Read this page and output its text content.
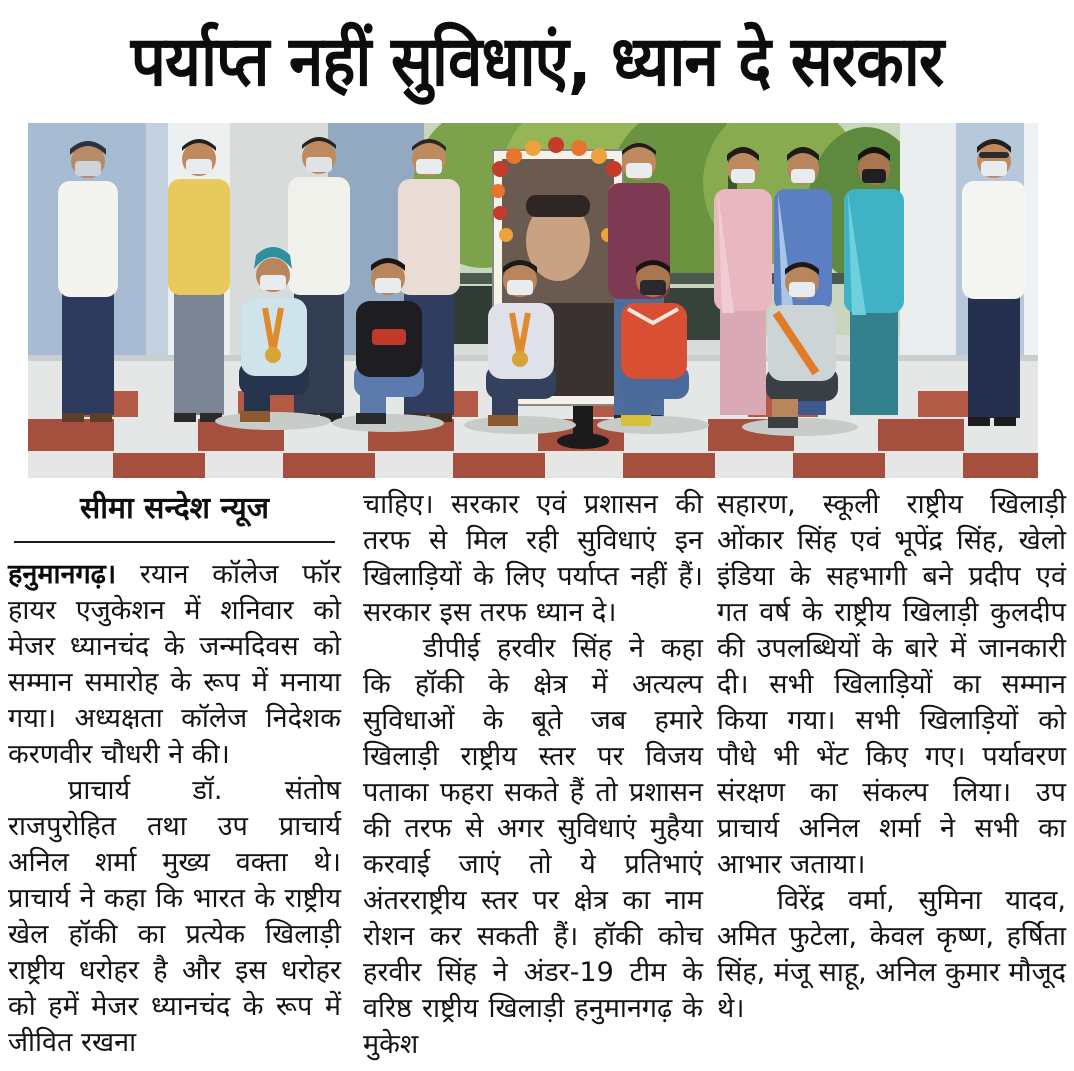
पर्याप्त नहीं सुविधाएं, ध्यान दे सरकार
सीमा सन्देश न्यूज

हनुमानगढ़। रयान कॉलेज फॉर हायर एजुकेशन में शनिवार को मेजर ध्यानचंद के जन्मदिवस को सम्मान समारोह के रूप में मनाया गया। अध्यक्षता कॉलेज निदेशक करणवीर चौधरी ने की।

प्राचार्य डॉ. संतोष राजपुरोहित तथा उप प्राचार्य अनिल शर्मा मुख्य वक्ता थे। प्राचार्य ने कहा कि भारत के राष्ट्रीय खेल हॉकी का प्रत्येक खिलाड़ी राष्ट्रीय धरोहर है और इस धरोहर को हमें मेजर ध्यानचंद के रूप में जीवित रखना

चाहिए। सरकार एवं प्रशासन की तरफ से मिल रही सुविधाएं इन खिलाड़ियों के लिए पर्याप्त नहीं हैं। सरकार इस तरफ ध्यान दे।

डीपीई हरवीर सिंह ने कहा कि हॉकी के क्षेत्र में अत्यल्प सुविधाओं के बूते जब हमारे खिलाड़ी राष्ट्रीय स्तर पर विजय पताका फहरा सकते हैं तो प्रशासन की तरफ से अगर सुविधाएं मुहैया करवाई जाएं तो ये प्रतिभाएं अंतरराष्ट्रीय स्तर पर क्षेत्र का नाम रोशन कर सकती हैं। हॉकी कोच हरवीर सिंह ने अंडर-19 टीम के वरिष्ठ राष्ट्रीय खिलाड़ी हनुमानगढ़ के मुकेश

सहारण, स्कूली राष्ट्रीय खिलाड़ी ओंकार सिंह एवं भूपेंद्र सिंह, खेलो इंडिया के सहभागी बने प्रदीप एवं गत वर्ष के राष्ट्रीय खिलाड़ी कुलदीप की उपलब्धियों के बारे में जानकारी दी। सभी खिलाड़ियों का सम्मान किया गया। सभी खिलाड़ियों को पौधे भी भेंट किए गए। पर्यावरण संरक्षण का संकल्प लिया। उप प्राचार्य अनिल शर्मा ने सभी का आभार जताया।

विरेंद्र वर्मा, सुमिना यादव, अमित फुटेला, केवल कृष्ण, हर्षिता सिंह, मंजू साहू, अनिल कुमार मौजूद थे।
